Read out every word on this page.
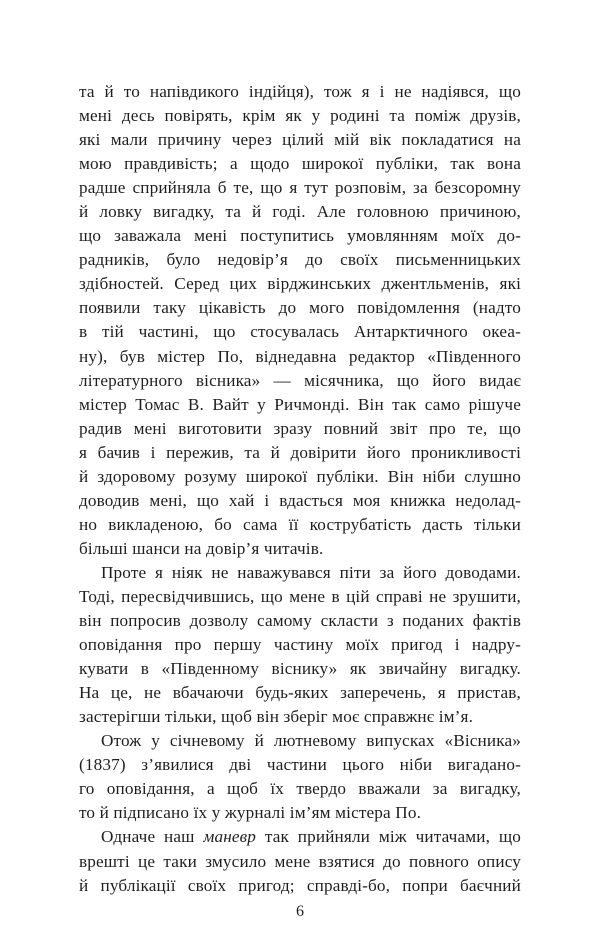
та й то напівдикого індійця), тож я і не надіявся, що
мені десь повірять, крім як у родині та поміж друзів,
які мали причину через цілий мій вік покладатися на
мою правдивість; а щодо широкої публіки, так вона
радше сприйняла б те, що я тут розповім, за безсоромну
й ловку вигадку, та й годі. Але головною причиною,
що заважала мені поступитись умовлянням моїх до-
радників, було недовір’я до своїх письменницьких
здібностей. Серед цих вірджинських джентльменів, які
появили таку цікавість до мого повідомлення (надто
в тій частині, що стосувалась Антарктичного океа-
ну), був містер По, віднедавна редактор «Південного
літературного вісника» — місячника, що його видає
містер Томас В. Вайт у Ричмонді. Він так само рішуче
радив мені виготовити зразу повний звіт про те, що
я бачив і пережив, та й довірити його проникливості
й здоровому розуму широкої публіки. Він ніби слушно
доводив мені, що хай і вдасться моя книжка недолад-
но викладеною, бо сама її кострубатість дасть тільки
більші шанси на довір’я читачів.
Проте я ніяк не наважувався піти за його доводами.
Тоді, пересвідчившись, що мене в цій справі не зрушити,
він попросив дозволу самому скласти з поданих фактів
оповідання про першу частину моїх пригод і надру-
кувати в «Південному віснику» як звичайну вигадку.
На це, не вбачаючи будь-яких заперечень, я пристав,
застерігши тільки, щоб він зберіг моє справжнє ім’я.
Отож у січневому й лютневому випусках «Вісника»
(1837) з’явилися дві частини цього ніби вигадано-
го оповідання, а щоб їх твердо вважали за вигадку,
то й підписано їх у журналі ім’ям містера По.
Одначе наш маневр так прийняли між читачами, що
врешті це таки змусило мене взятися до повного опису
й публікації своїх пригод; справді-бо, попри баєчний
6
